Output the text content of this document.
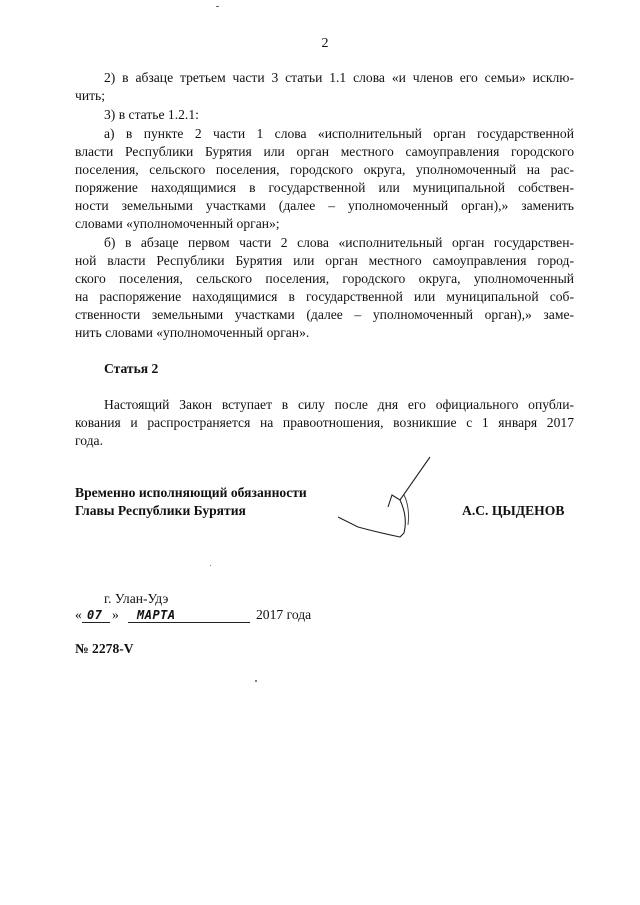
2
2) в абзаце третьем части 3 статьи 1.1 слова «и членов его семьи» исклю-
чить;
3) в статье 1.2.1:
а) в пункте 2 части 1 слова «исполнительный орган государственной
власти Республики Бурятия или орган местного самоуправления городского
поселения, сельского поселения, городского округа, уполномоченный на рас-
поряжение находящимися в государственной или муниципальной собствен-
ности земельными участками (далее – уполномоченный орган),» заменить
словами «уполномоченный орган»;
б) в абзаце первом части 2 слова «исполнительный орган государствен-
ной власти Республики Бурятия или орган местного самоуправления город-
ского поселения, сельского поселения, городского округа, уполномоченный
на распоряжение находящимися в государственной или муниципальной соб-
ственности земельными участками (далее – уполномоченный орган),» заме-
нить словами «уполномоченный орган».
Статья 2
Настоящий Закон вступает в силу после дня его официального опубли-
кования и распространяется на правоотношения, возникшие с 1 января 2017
года.
Временно исполняющий обязанности
Главы Республики Бурятия	А.С. ЦЫДЕНОВ
г. Улан-Удэ
« 07 » МАРТА	2017 года
№ 2278-V
